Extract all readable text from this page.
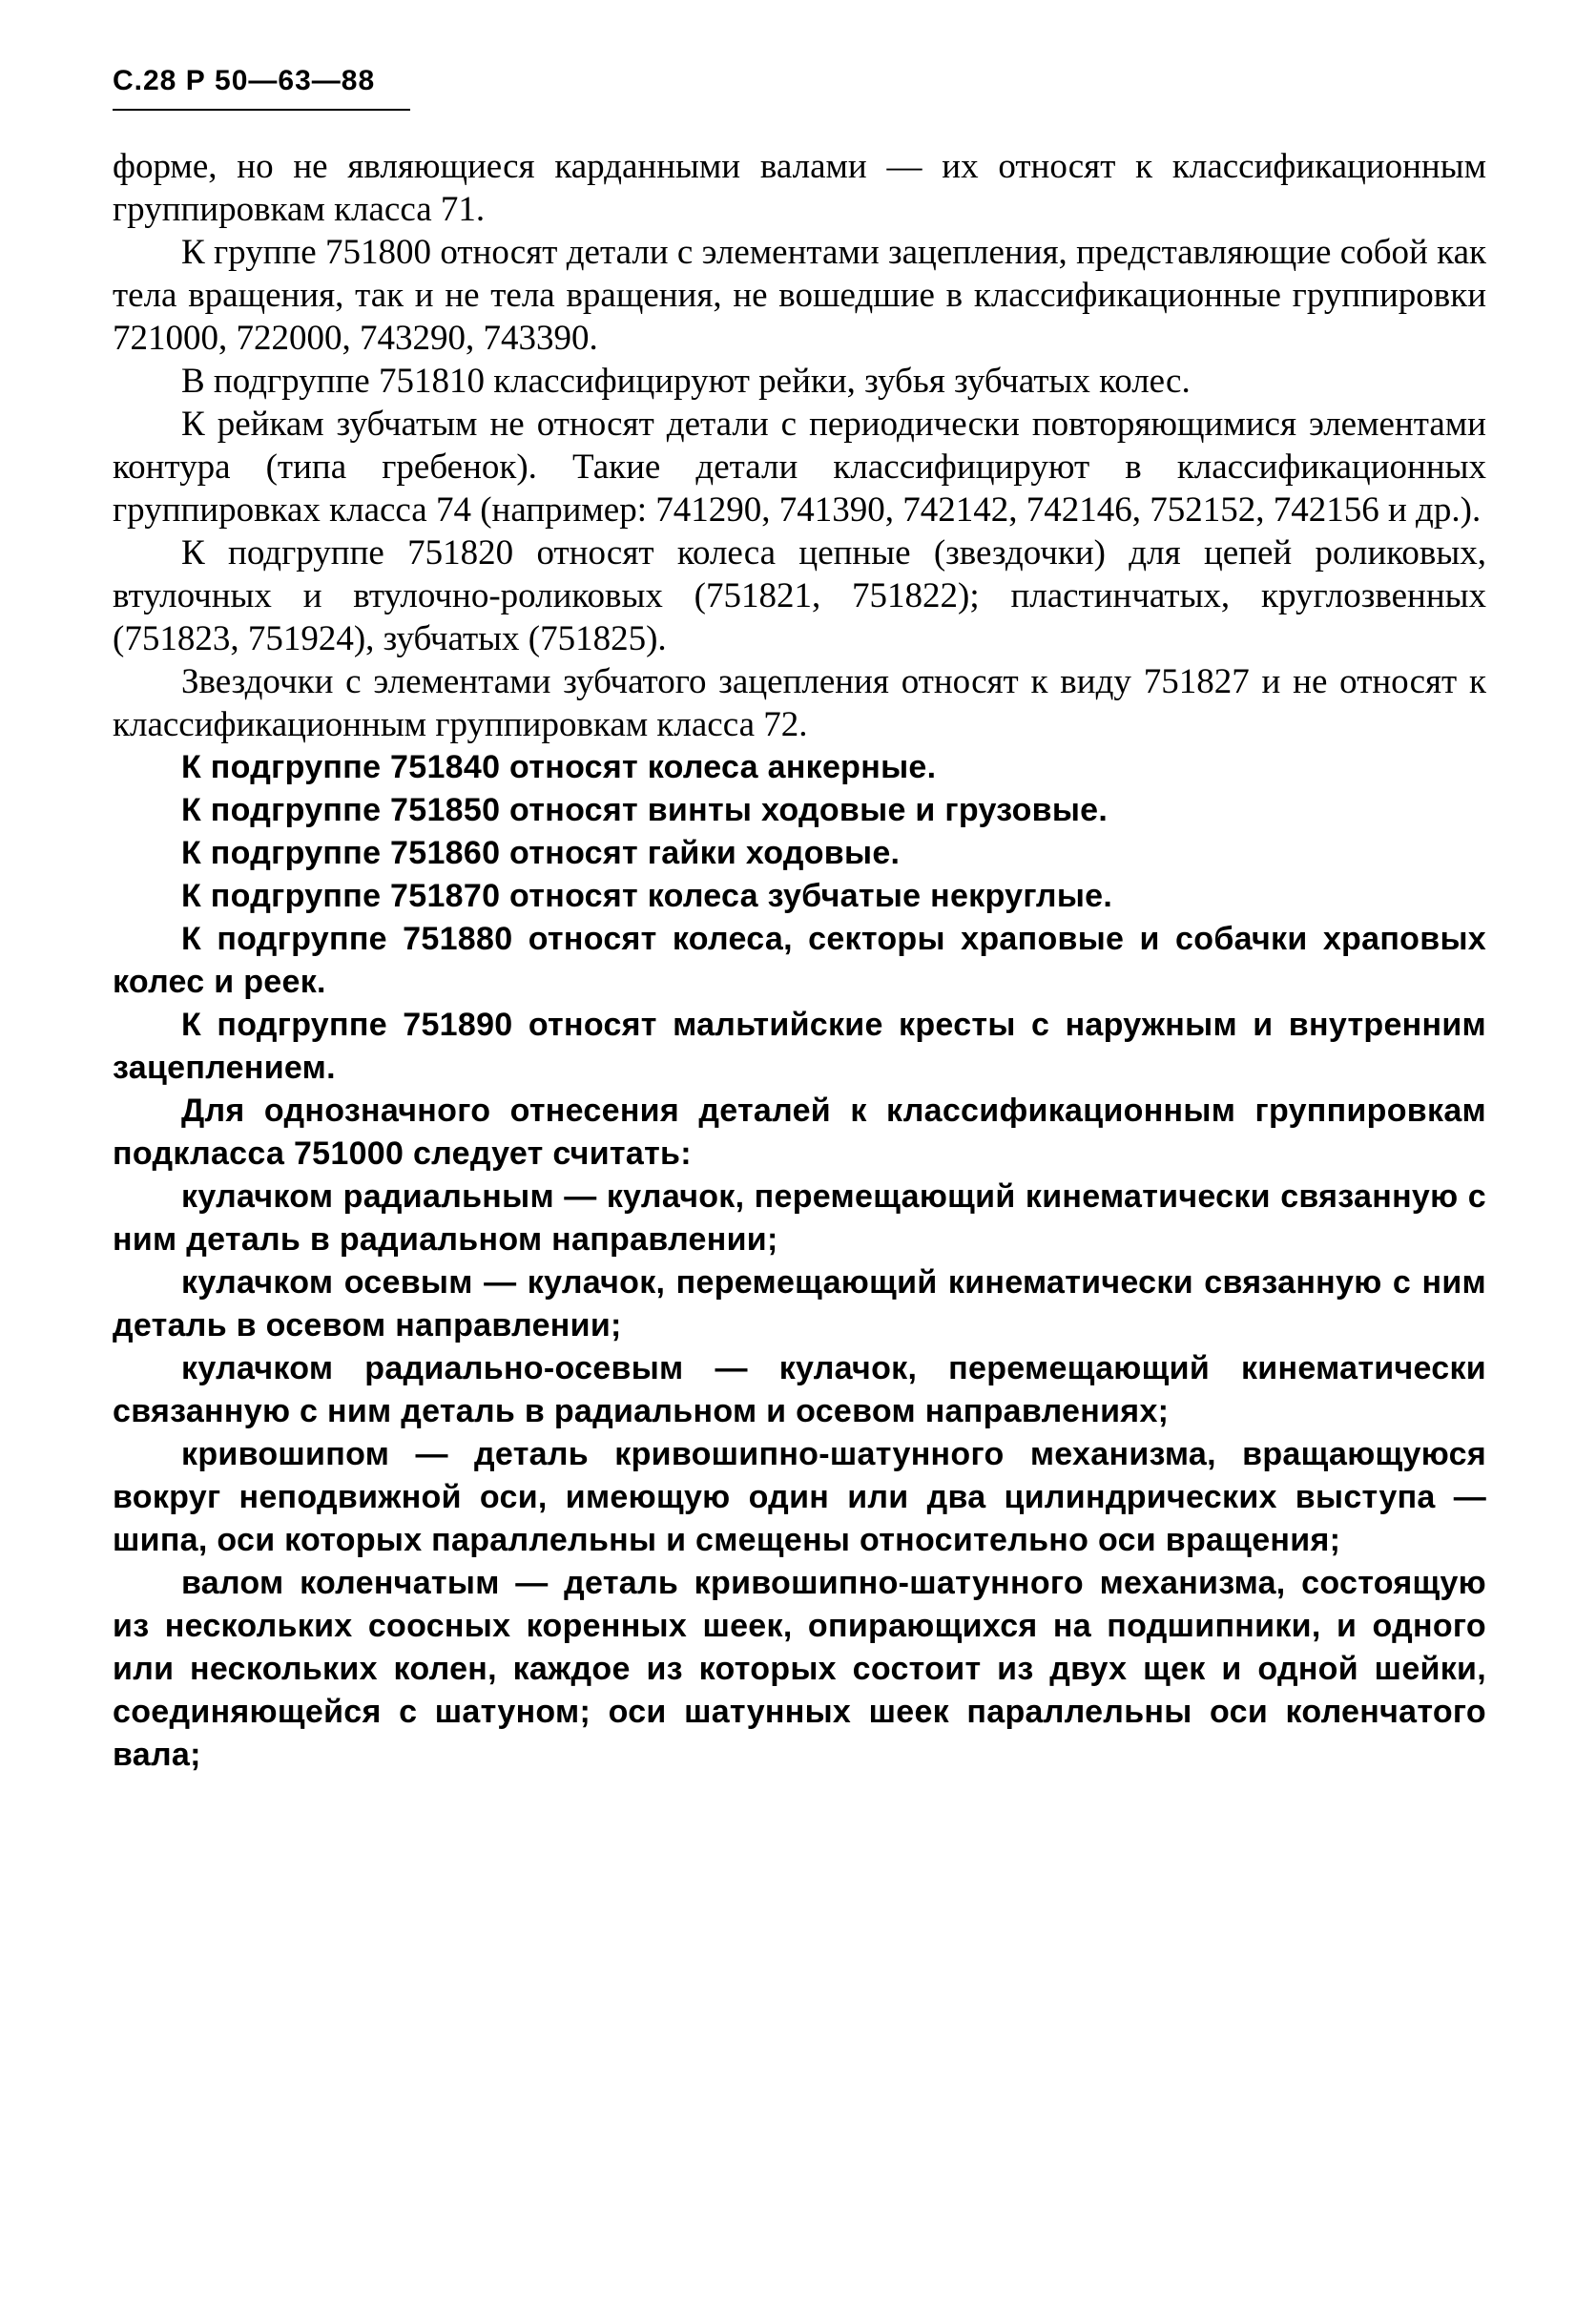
С.28 Р 50—63—88

форме, но не являющиеся карданными валами — их относят к классификационным группировкам класса 71.

К группе 751800 относят детали с элементами зацепления, представляющие собой как тела вращения, так и не тела вращения, не вошедшие в классификационные группировки 721000, 722000, 743290, 743390.

В подгруппе 751810 классифицируют рейки, зубья зубчатых колес.

К рейкам зубчатым не относят детали с периодически повторяющимися элементами контура (типа гребенок). Такие детали классифицируют в классификационных группировках класса 74 (например: 741290, 741390, 742142, 742146, 752152, 742156 и др.).

К подгруппе 751820 относят колеса цепные (звездочки) для цепей роликовых, втулочных и втулочно-роликовых (751821, 751822); пластинчатых, круглозвенных (751823, 751924), зубчатых (751825).

Звездочки с элементами зубчатого зацепления относят к виду 751827 и не относят к классификационным группировкам класса 72.

К подгруппе 751840 относят колеса анкерные.

К подгруппе 751850 относят винты ходовые и грузовые.

К подгруппе 751860 относят гайки ходовые.

К подгруппе 751870 относят колеса зубчатые некруглые.

К подгруппе 751880 относят колеса, секторы храповые и собачки храповых колес и реек.

К подгруппе 751890 относят мальтийские кресты с наружным и внутренним зацеплением.

Для однозначного отнесения деталей к классификационным группировкам подкласса 751000 следует считать:

кулачком радиальным — кулачок, перемещающий кинематически связанную с ним деталь в радиальном направлении;

кулачком осевым — кулачок, перемещающий кинематически связанную с ним деталь в осевом направлении;

кулачком радиально-осевым — кулачок, перемещающий кинематически связанную с ним деталь в радиальном и осевом направлениях;

кривошипом — деталь кривошипно-шатунного механизма, вращающуюся вокруг неподвижной оси, имеющую один или два цилиндрических выступа — шипа, оси которых параллельны и смещены относительно оси вращения;

валом коленчатым — деталь кривошипно-шатунного механизма, состоящую из нескольких соосных коренных шеек, опирающихся на подшипники, и одного или нескольких колен, каждое из которых состоит из двух щек и одной шейки, соединяющейся с шатуном; оси шатунных шеек параллельны оси коленчатого вала;
